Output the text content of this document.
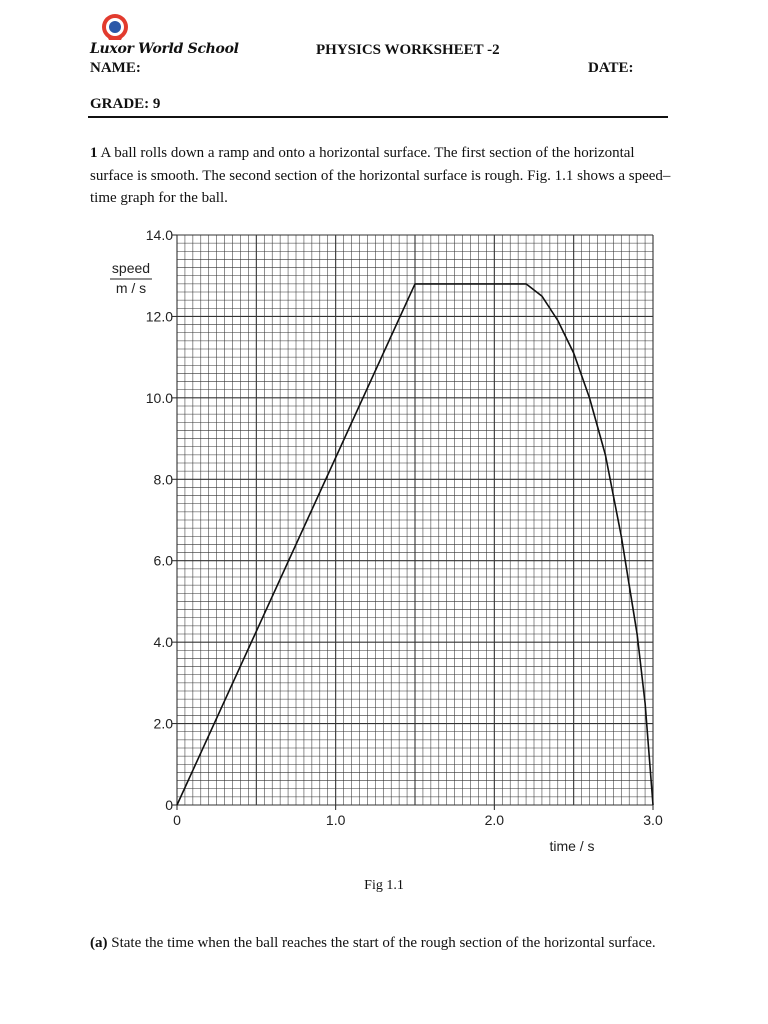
Luxor World School	PHYSICS WORKSHEET -2
NAME:	DATE:
GRADE: 9
1 A ball rolls down a ramp and onto a horizontal surface. The first section of the horizontal surface is smooth. The second section of the horizontal surface is rough. Fig. 1.1 shows a speed–time graph for the ball.
0
2.0
4.0
6.0
8.0
10.0
12.0
14.0
0	1.0	2.0	3.0
speed
m / s
time / s
Fig 1.1
(a) State the time when the ball reaches the start of the rough section of the horizontal surface.
